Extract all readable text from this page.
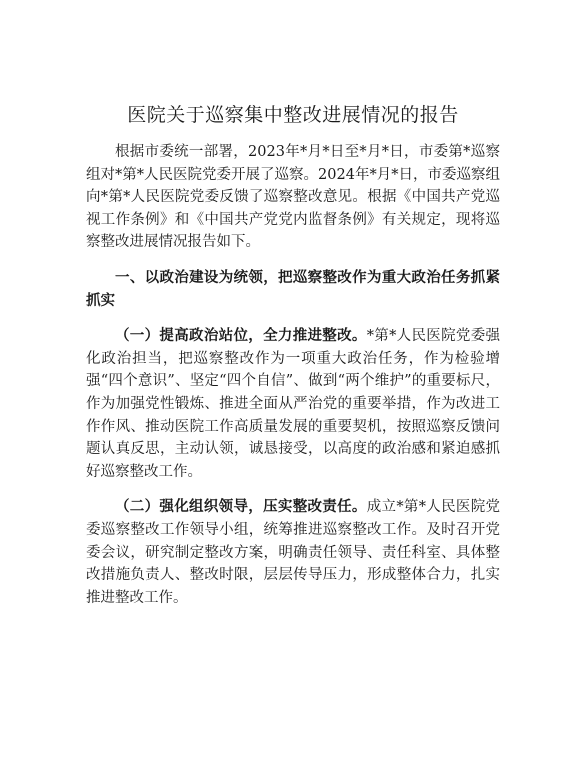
医院关于巡察集中整改进展情况的报告

根据市委统一部署，2023年*月*日至*月*日，市委第*巡察组对*第*人民医院党委开展了巡察。2024年*月*日，市委巡察组向*第*人民医院党委反馈了巡察整改意见。根据《中国共产党巡视工作条例》和《中国共产党党内监督条例》有关规定，现将巡察整改进展情况报告如下。

一、以政治建设为统领，把巡察整改作为重大政治任务抓紧抓实

（一）提高政治站位，全力推进整改。*第*人民医院党委强化政治担当，把巡察整改作为一项重大政治任务，作为检验增强“四个意识”、坚定“四个自信”、做到“两个维护”的重要标尺，作为加强党性锻炼、推进全面从严治党的重要举措，作为改进工作作风、推动医院工作高质量发展的重要契机，按照巡察反馈问题认真反思，主动认领，诚恳接受，以高度的政治感和紧迫感抓好巡察整改工作。

（二）强化组织领导，压实整改责任。成立*第*人民医院党委巡察整改工作领导小组，统筹推进巡察整改工作。及时召开党委会议，研究制定整改方案，明确责任领导、责任科室、具体整改措施负责人、整改时限，层层传导压力，形成整体合力，扎实推进整改工作。
